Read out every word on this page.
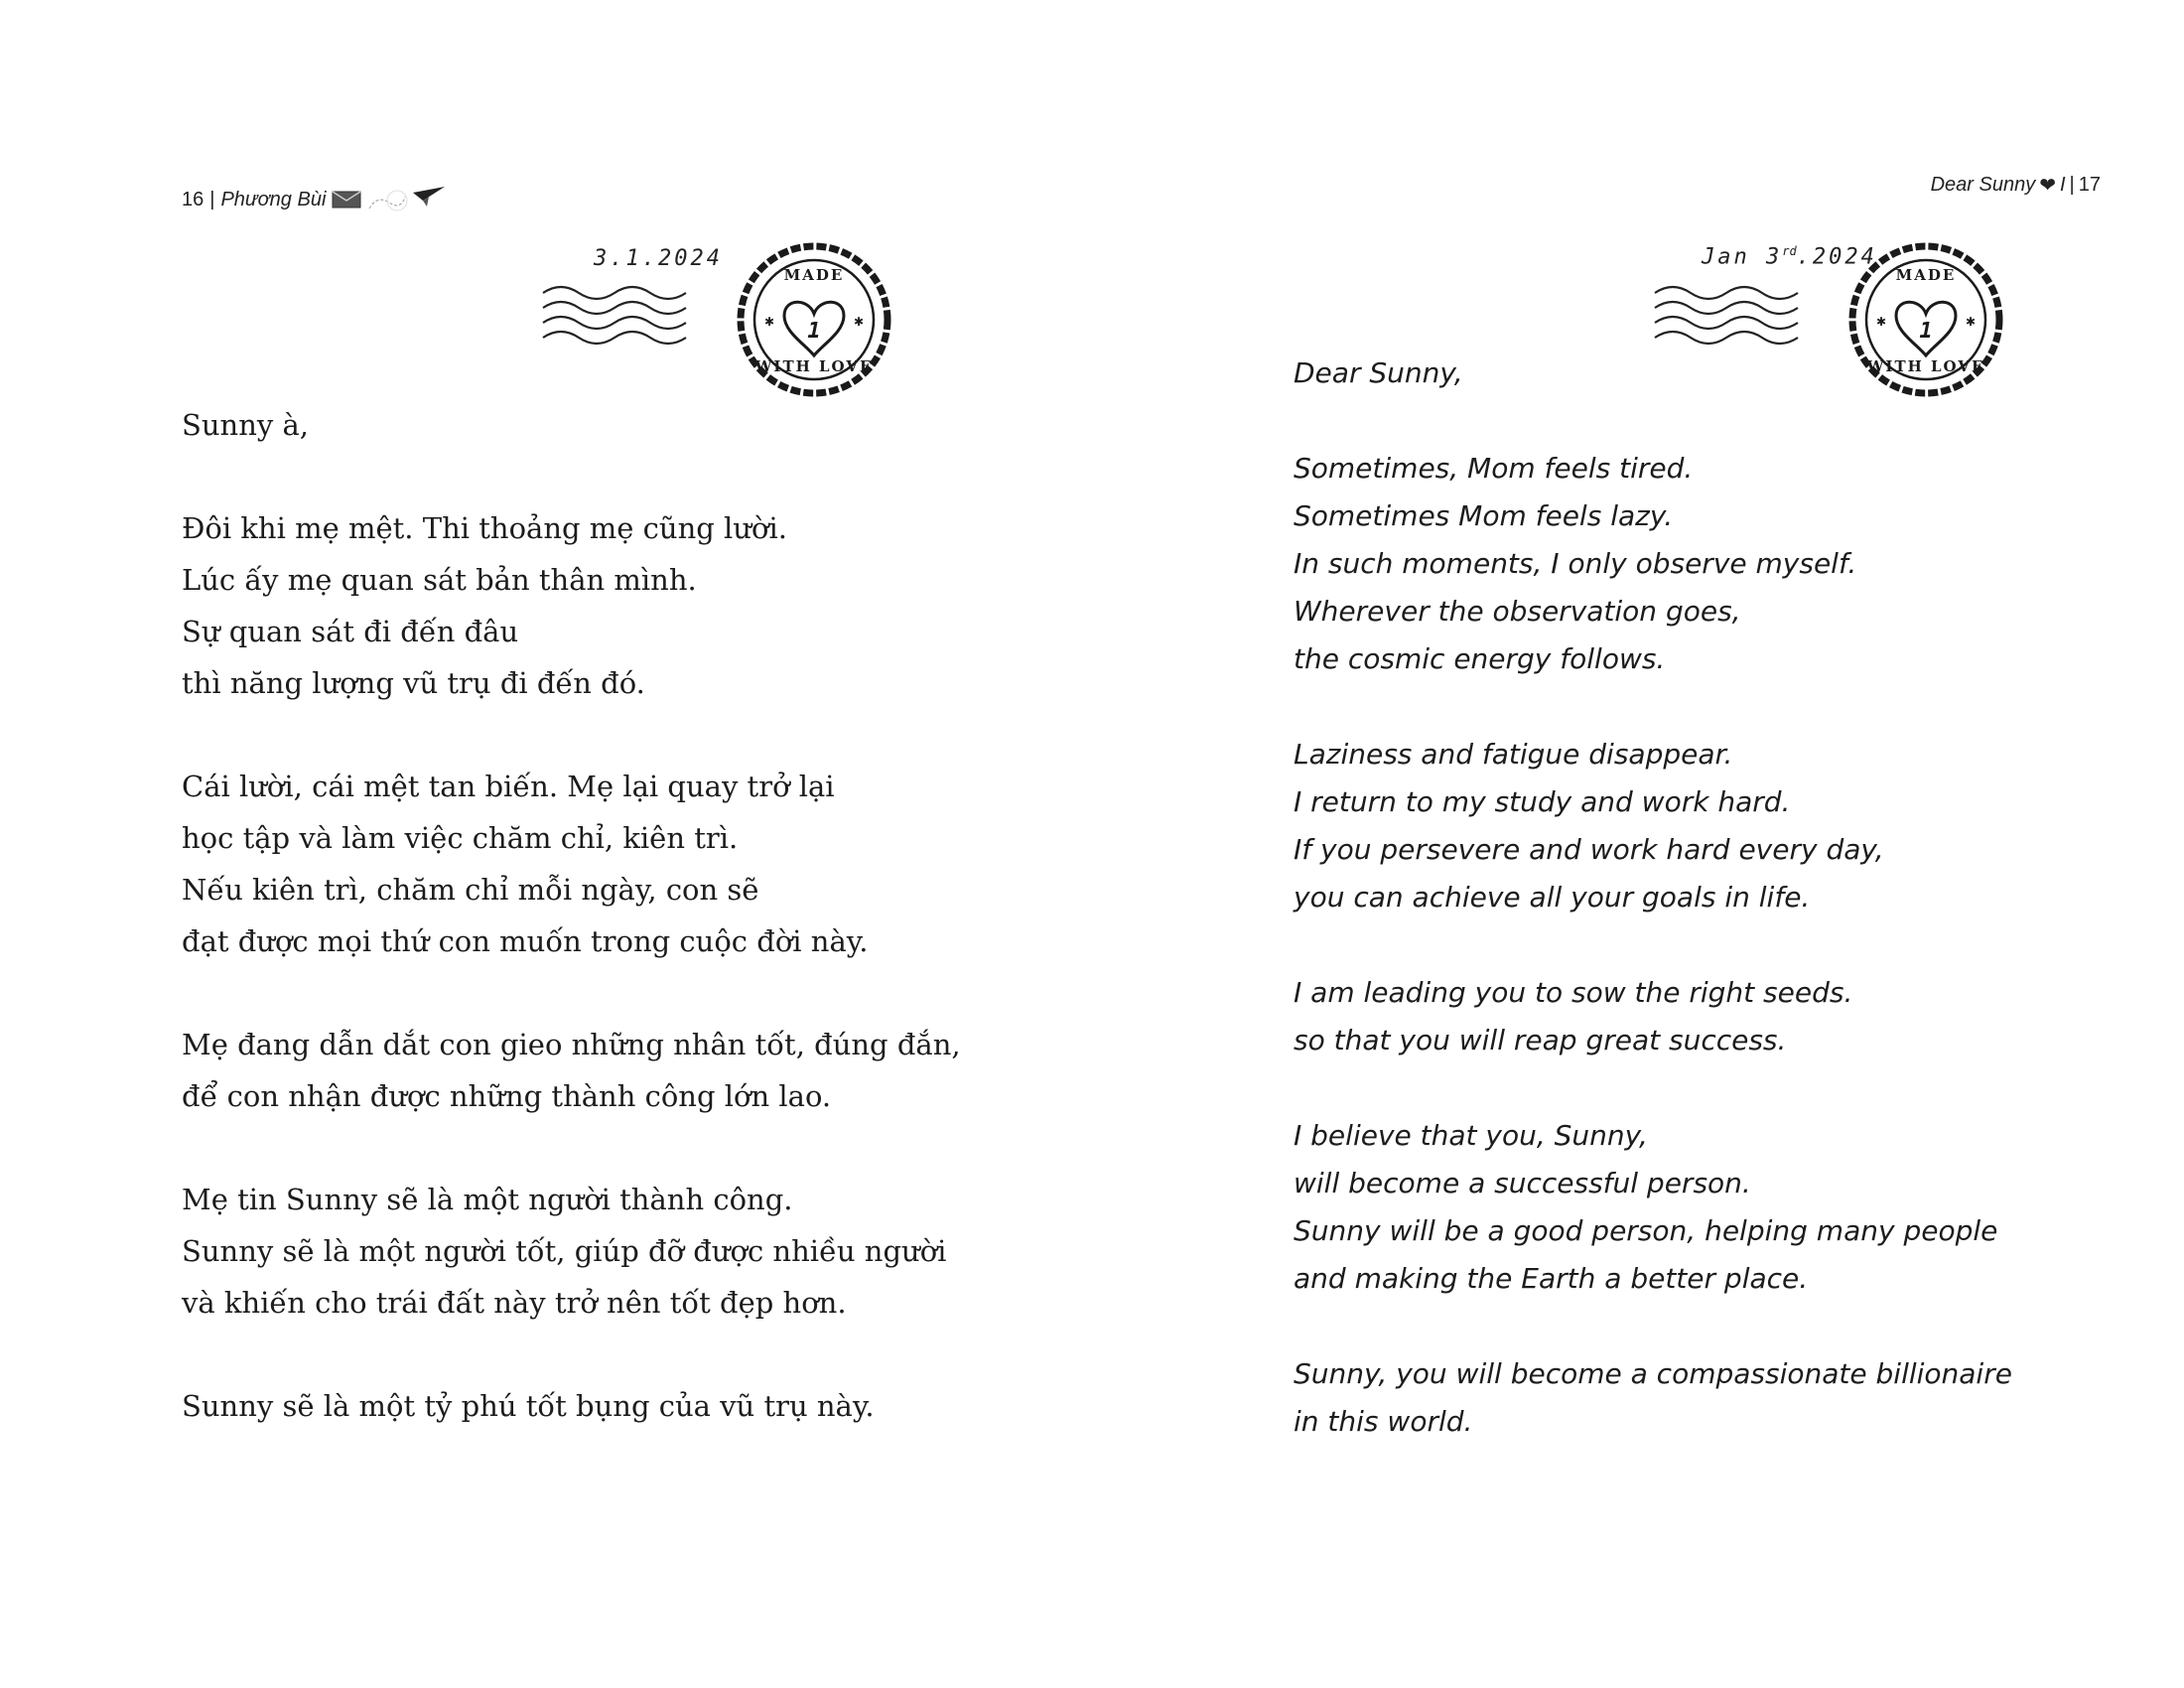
16 | Phương Bùi
3.1.2024
1
MADE
WITH LOVE
✱	✱

Sunny à,

Đôi khi mẹ mệt. Thi thoảng mẹ cũng lười.
Lúc ấy mẹ quan sát bản thân mình.
Sự quan sát đi đến đâu
thì năng lượng vũ trụ đi đến đó.

Cái lười, cái mệt tan biến. Mẹ lại quay trở lại
học tập và làm việc chăm chỉ, kiên trì.
Nếu kiên trì, chăm chỉ mỗi ngày, con sẽ
đạt được mọi thứ con muốn trong cuộc đời này.

Mẹ đang dẫn dắt con gieo những nhân tốt, đúng đắn,
để con nhận được những thành công lớn lao.

Mẹ tin Sunny sẽ là một người thành công.
Sunny sẽ là một người tốt, giúp đỡ được nhiều người
và khiến cho trái đất này trở nên tốt đẹp hơn.

Sunny sẽ là một tỷ phú tốt bụng của vũ trụ này.

Dear Sunny ❤ I | 17
Jan 3rd.2024
1
MADE
WITH LOVE
✱	✱

Dear Sunny,

Sometimes, Mom feels tired.
Sometimes Mom feels lazy.
In such moments, I only observe myself.
Wherever the observation goes,
the cosmic energy follows.

Laziness and fatigue disappear.
I return to my study and work hard.
If you persevere and work hard every day,
you can achieve all your goals in life.

I am leading you to sow the right seeds.
so that you will reap great success.

I believe that you, Sunny,
will become a successful person.
Sunny will be a good person, helping many people
and making the Earth a better place.

Sunny, you will become a compassionate billionaire
in this world.
